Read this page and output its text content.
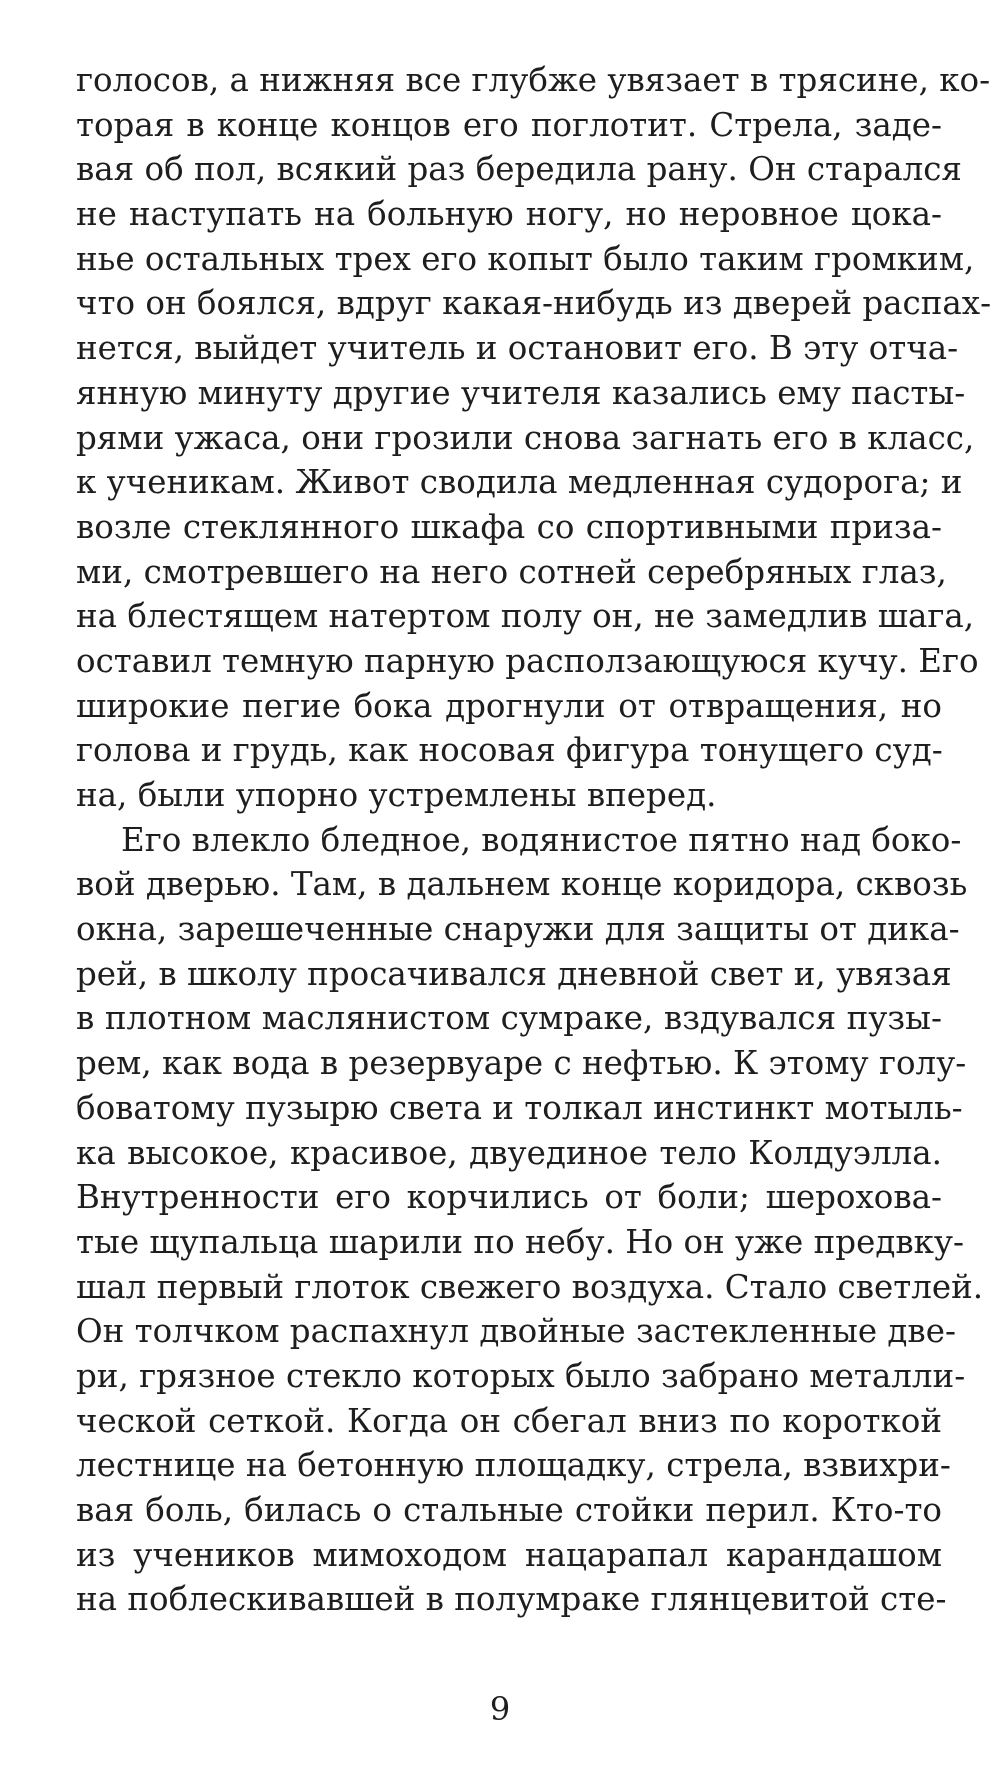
голосов, а нижняя все глубже увязает в трясине, ко-
торая в конце концов его поглотит. Стрела, заде-
вая об пол, всякий раз бередила рану. Он старался
не наступать на больную ногу, но неровное цока-
нье остальных трех его копыт было таким громким,
что он боялся, вдруг какая-нибудь из дверей распах-
нется, выйдет учитель и остановит его. В эту отча-
янную минуту другие учителя казались ему пасты-
рями ужаса, они грозили снова загнать его в класс,
к ученикам. Живот сводила медленная судорога; и
возле стеклянного шкафа со спортивными приза-
ми, смотревшего на него сотней серебряных глаз,
на блестящем натертом полу он, не замедлив шага,
оставил темную парную расползающуюся кучу. Его
широкие пегие бока дрогнули от отвращения, но
голова и грудь, как носовая фигура тонущего суд-
на, были упорно устремлены вперед.
Его влекло бледное, водянистое пятно над боко-
вой дверью. Там, в дальнем конце коридора, сквозь
окна, зарешеченные снаружи для защиты от дика-
рей, в школу просачивался дневной свет и, увязая
в плотном маслянистом сумраке, вздувался пузы-
рем, как вода в резервуаре с нефтью. К этому голу-
боватому пузырю света и толкал инстинкт мотыль-
ка высокое, красивое, двуединое тело Колдуэлла.
Внутренности его корчились от боли; шерохова-
тые щупальца шарили по небу. Но он уже предвку-
шал первый глоток свежего воздуха. Стало светлей.
Он толчком распахнул двойные застекленные две-
ри, грязное стекло которых было забрано металли-
ческой сеткой. Когда он сбегал вниз по короткой
лестнице на бетонную площадку, стрела, взвихри-
вая боль, билась о стальные стойки перил. Кто-то
из учеников мимоходом нацарапал карандашом
на поблескивавшей в полумраке глянцевитой сте-
9
